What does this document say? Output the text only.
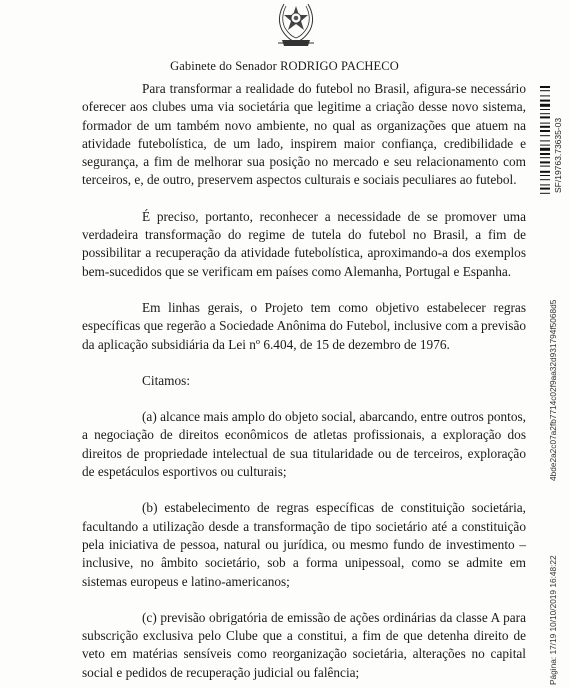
Gabinete do Senador RODRIGO PACHECO

Para transformar a realidade do futebol no Brasil, afigura-se necessário oferecer aos clubes uma via societária que legitime a criação desse novo sistema, formador de um também novo ambiente, no qual as organizações que atuem na atividade futebolística, de um lado, inspirem maior confiança, credibilidade e segurança, a fim de melhorar sua posição no mercado e seu relacionamento com terceiros, e, de outro, preservem aspectos culturais e sociais peculiares ao futebol.

É preciso, portanto, reconhecer a necessidade de se promover uma verdadeira transformação do regime de tutela do futebol no Brasil, a fim de possibilitar a recuperação da atividade futebolística, aproximando-a dos exemplos bem-sucedidos que se verificam em países como Alemanha, Portugal e Espanha.

Em linhas gerais, o Projeto tem como objetivo estabelecer regras específicas que regerão a Sociedade Anônima do Futebol, inclusive com a previsão da aplicação subsidiária da Lei nº 6.404, de 15 de dezembro de 1976.

Citamos:

(a) alcance mais amplo do objeto social, abarcando, entre outros pontos, a negociação de direitos econômicos de atletas profissionais, a exploração dos direitos de propriedade intelectual de sua titularidade ou de terceiros, exploração de espetáculos esportivos ou culturais;

(b) estabelecimento de regras específicas de constituição societária, facultando a utilização desde a transformação de tipo societário até a constituição pela iniciativa de pessoa, natural ou jurídica, ou mesmo fundo de investimento – inclusive, no âmbito societário, sob a forma unipessoal, como se admite em sistemas europeus e latino-americanos;

(c) previsão obrigatória de emissão de ações ordinárias da classe A para subscrição exclusiva pelo Clube que a constitui, a fim de que detenha direito de veto em matérias sensíveis como reorganização societária, alterações no capital social e pedidos de recuperação judicial ou falência;

SF/19763.73635-03
Página: 17/19 10/10/2019 16:48:22
4bde2a2c07a2fb7714c02f9aa32d931794f5068d5
